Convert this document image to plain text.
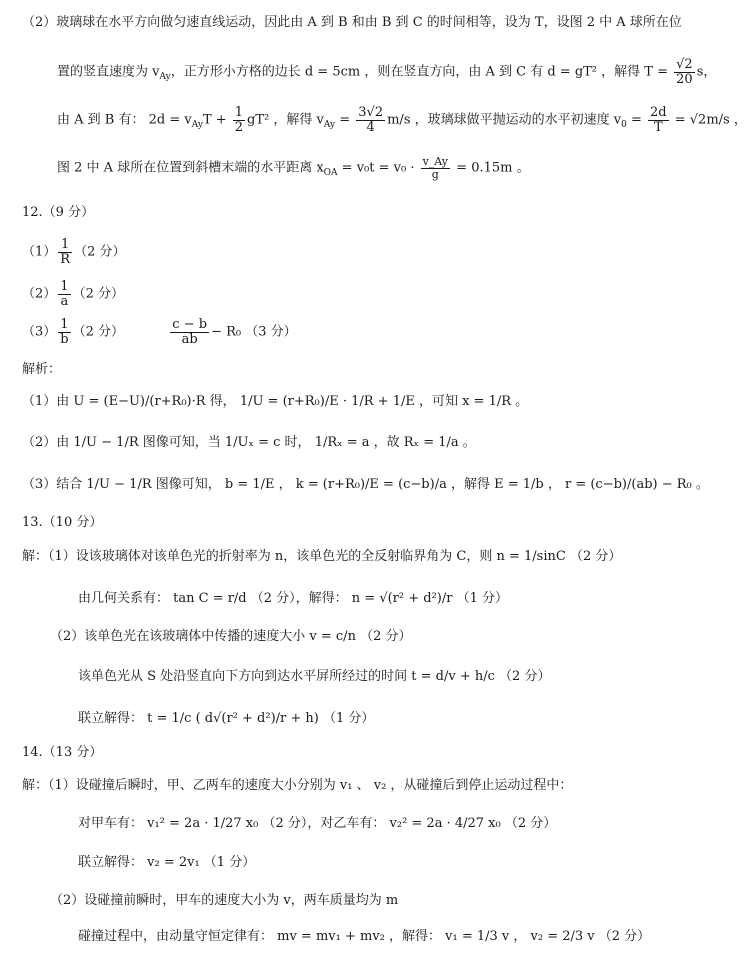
（2）玻璃球在水平方向做匀速直线运动，因此由 A 到 B 和由 B 到 C 的时间相等，设为 T，设图 2 中 A 球所在位
置的竖直速度为 $v_{Ay}$，正方形小方格的边长 d = 5cm ，则在竖直方向，由 A 到 C 有 d = gT² ，解得 $T = \frac{√2}{20}$ s，
由 A 到 B 有： $2d = v_{Ay}T + \frac{1}{2} gT^2$ ，解得 $v_{Ay} = \frac{3√2}{4} m/s$ ，玻璃球做平抛运动的水平初速度 $v_0 = \frac{2d}{T} = √2m/s$ ，
图 2 中 A 球所在位置到斜槽末端的水平距离 $x_{OA} = v_0t = v_0 \cdot \frac{v\_Ay}{g} = 0.15m$ 。
12.（9 分）
$(1) \frac{1}{R} (2$ 分）
$(2) \frac{1}{a} (2$ 分）
$(3) \frac{1}{b} (2$ 分）	$\frac{c - b}{ab} - R_0$ （3 分）
解析：
（1）由 U = (E−U)/(r+R₀)·R 得， 1/U = (r+R₀)/E · 1/R + 1/E ，可知 x = 1/R 。
（2）由 1/U − 1/R 图像可知，当 1/Uₓ = c 时， 1/Rₓ = a ，故 Rₓ = 1/a 。
（3）结合 1/U − 1/R 图像可知， b = 1/E ， k = (r+R₀)/E = (c−b)/a ，解得 E = 1/b ， r = (c−b)/(ab) − R₀ 。
13.（10 分）
解：（1）设该玻璃体对该单色光的折射率为 n，该单色光的全反射临界角为 C，则 n = 1/sinC （2 分）
由几何关系有： tan C = r/d （2 分），解得： n = √(r² + d²)/r （1 分）
（2）该单色光在该玻璃体中传播的速度大小 v = c/n （2 分）
该单色光从 S 处沿竖直向下方向到达水平屏所经过的时间 t = d/v + h/c （2 分）
联立解得： t = 1/c ( d√(r² + d²)/r + h) （1 分）
14.（13 分）
解：（1）设碰撞后瞬时，甲、乙两车的速度大小分别为 v₁ 、 v₂ ，从碰撞后到停止运动过程中：
对甲车有： v₁² = 2a · 1/27 x₀ （2 分），对乙车有： v₂² = 2a · 4/27 x₀ （2 分）
联立解得： v₂ = 2v₁ （1 分）
（2）设碰撞前瞬时，甲车的速度大小为 v，两车质量均为 m
碰撞过程中，由动量守恒定律有： mv = mv₁ + mv₂ ，解得： v₁ = 1/3 v ， v₂ = 2/3 v （2 分）
